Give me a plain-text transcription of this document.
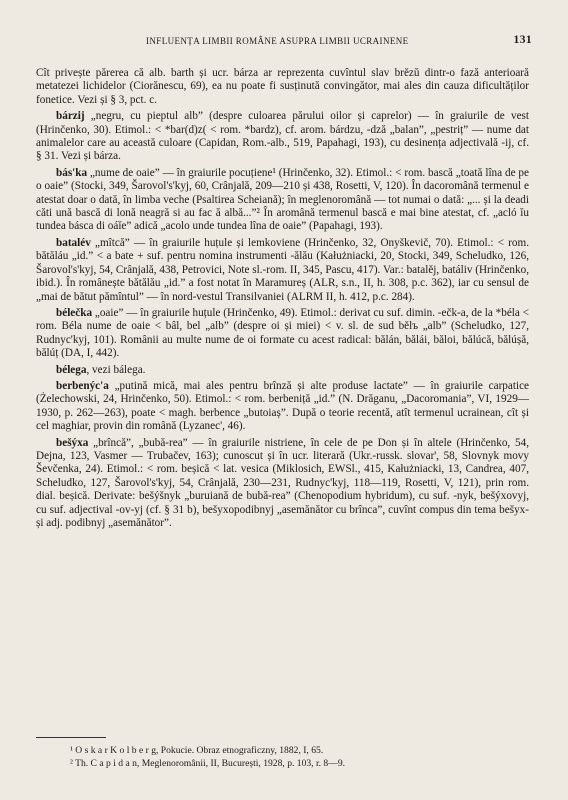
INFLUENȚA LIMBII ROMÂNE ASUPRA LIMBII UCRAINENE	131

Cît privește părerea că alb. barth și ucr. bárza ar reprezenta cuvîntul slav brězŭ dintr-o fază anterioară metatezei lichidelor (Ciorănescu, 69), ea nu poate fi susținută convingător, mai ales din cauza dificultăților fonetice. Vezi și § 3, pct. c.

bárzij „negru, cu pieptul alb” (despre culoarea părului oilor și caprelor) — în graiurile de vest (Hrinčenko, 30). Etimol.: < *bar(d)z( < rom. *bardz), cf. arom. bárdzu, -dză „balan”, „pestriț” — nume dat animalelor care au această culoare (Capidan, Rom.-alb., 519, Papahagi, 193), cu desinența adjectivală -ij, cf. § 31. Vezi și bárza.

bás'ka „nume de oaie” — în graiurile pocuțiene¹ (Hrinčenko, 32). Etimol.: < rom. bască „toată lîna de pe o oaie” (Stocki, 349, Šarovol's'kyj, 60, Crânjală, 209—210 și 438, Rosetti, V, 120). În dacoromână termenul e atestat doar o dată, în limba veche (Psaltirea Scheiană); în meglenoromână — tot numai o dată: „... și la deadi căti ună bască di lonă neagră si au fac ă albă...”² În aromână termenul bască e mai bine atestat, cf. „acló ĭu tundea básca di oáĭe” adică „acolo unde tundea lîna de oaie” (Papahagi, 193).

batalév „mîtcă” — în graiurile huțule și lemkoviene (Hrinčenko, 32, Onyškevič, 70). Etimol.: < rom. bătăláu „id.” < a bate + suf. pentru nomina instrumenti -ălău (Kałużniacki, 20, Stocki, 349, Scheludko, 126, Šarovol's'kyj, 54, Crânjală, 438, Petrovici, Note sl.-rom. II, 345, Pascu, 417). Var.: batalěj, batáliv (Hrinčenko, ibid.). În românește bătălău „id.” a fost notat în Maramureș (ALR, s.n., II, h. 308, p.c. 362), iar cu sensul de „mai de bătut pămîntul” — în nord-vestul Transilvaniei (ALRM II, h. 412, p.c. 284).

bélečka „oaie” — în graiurile huțule (Hrinčenko, 49). Etimol.: derivat cu suf. dimin. -ečk-a, de la *béla < rom. Béla nume de oaie < bâl, bel „alb” (despre oi și miei) < v. sl. de sud bělъ „alb” (Scheludko, 127, Rudnyc'kyj, 101). Românii au multe nume de oi formate cu acest radical: bălán, bălái, băloi, bălúcă, bălúșă, bălúț (DA, I, 442).

bélega, vezi bálega.

berbenýc'a „putină mică, mai ales pentru brînză și alte produse lactate” — în graiurile carpatice (Żelechowski, 24, Hrinčenko, 50). Etimol.: < rom. berbeniță „id.” (N. Drăganu, „Dacoromania”, VI, 1929—1930, p. 262—263), poate < magh. berbence „butoiaș”. După o teorie recentă, atît termenul ucrainean, cît și cel maghiar, provin din română (Lyzanec', 46).

bešýxa „brîncă”, „bubă-rea” — în graiurile nistriene, în cele de pe Don și în altele (Hrinčenko, 54, Dejna, 123, Vasmer — Trubačev, 163); cunoscut și în ucr. literară (Ukr.-russk. slovar', 58, Slovnyk movy Ševčenka, 24). Etimol.: < rom. beșică < lat. vesica (Miklosich, EWSl., 415, Kałużniacki, 13, Candrea, 407, Scheludko, 127, Šarovol's'kyj, 54, Crânjală, 230—231, Rudnyc'kyj, 118—119, Rosetti, V, 121), prin rom. dial. beșică. Derivate: bešýšnyk „buruiană de bubă-rea” (Chenopodium hybridum), cu suf. -nyk, bešýxovyj, cu suf. adjectival -ov-yj (cf. § 31 b), bešyxopodibnyj „asemănător cu brînca”, cuvînt compus din tema bešyx- și adj. podibnyj „asemănător”.

¹ O s k a r K o l b e r g, Pokucie. Obraz etnograficzny, 1882, I, 65.
² Th. C a p i d a n, Meglenoromânii, II, București, 1928, p. 103, r. 8—9.
